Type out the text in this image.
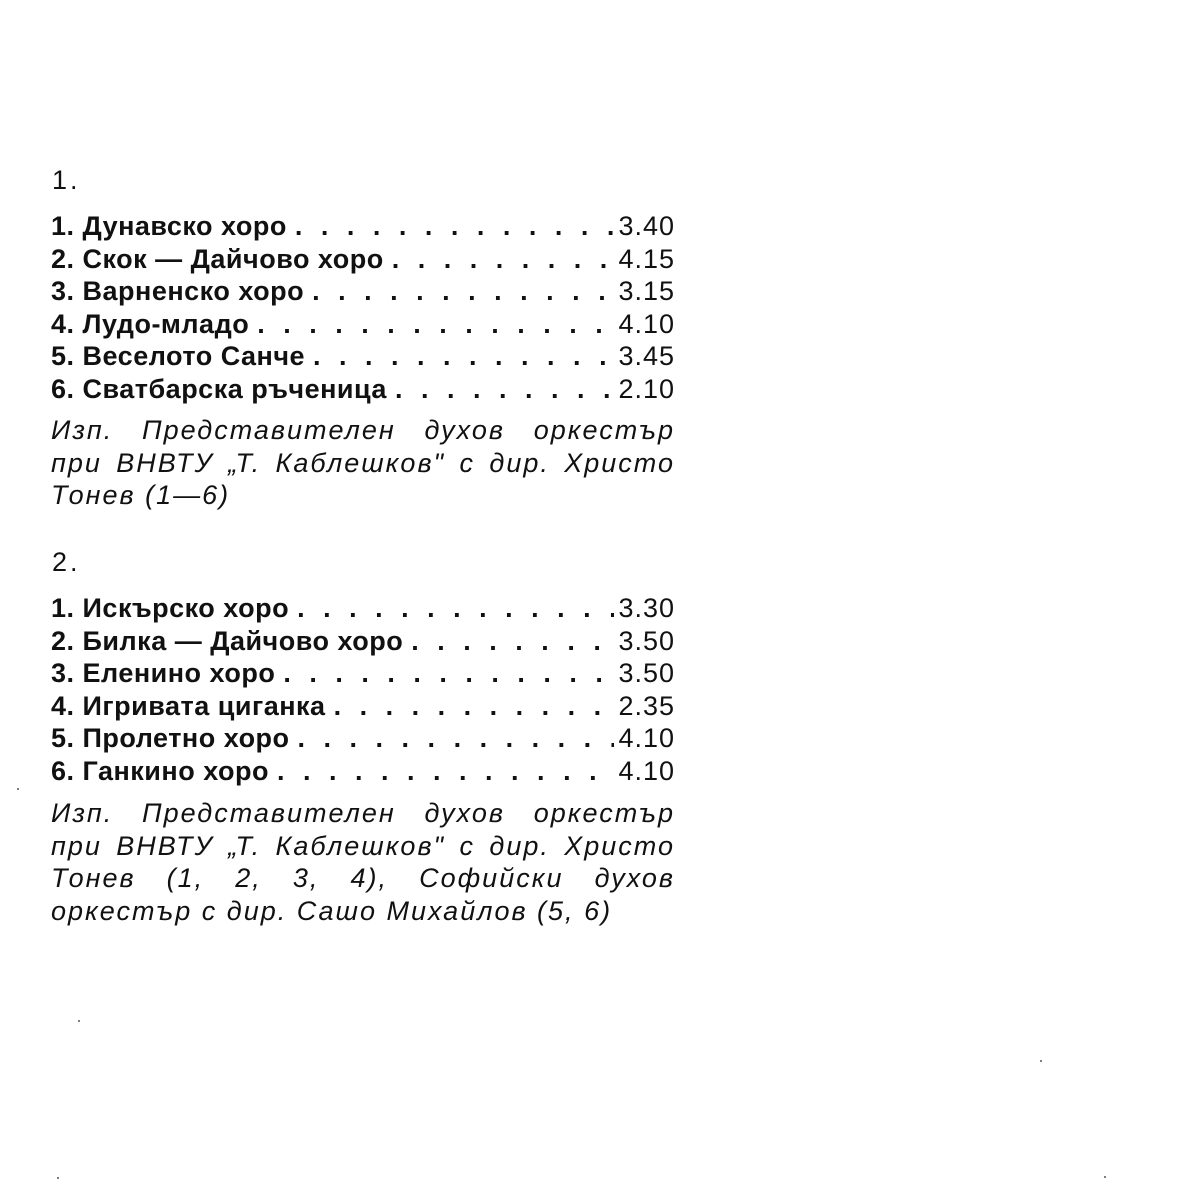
1.
1. Дунавско хоро . . .	3.40
2. Скок — Дайчово хоро . . .	4.15
3. Варненско хоро . . .	3.15
4. Лудо-младо . . .	4.10
5. Веселото Санче . . .	3.45
6. Сватбарска ръченица . . .	2.10

Изп. Представителен духов оркестър при ВНВТУ „Т. Каблешков" с дир. Христо Тонев (1—6)

2.
1. Искърско хоро . . .	3.30
2. Билка — Дайчово хоро . . .	3.50
3. Еленино хоро . . .	3.50
4. Игривата циганка . . .	2.35
5. Пролетно хоро . . .	4.10
6. Ганкино хоро . . .	4.10

Изп. Представителен духов оркестър при ВНВТУ „Т. Каблешков" с дир. Христо Тонев (1, 2, 3, 4), Софийски духов оркестър с дир. Сашо Михайлов (5, 6)
